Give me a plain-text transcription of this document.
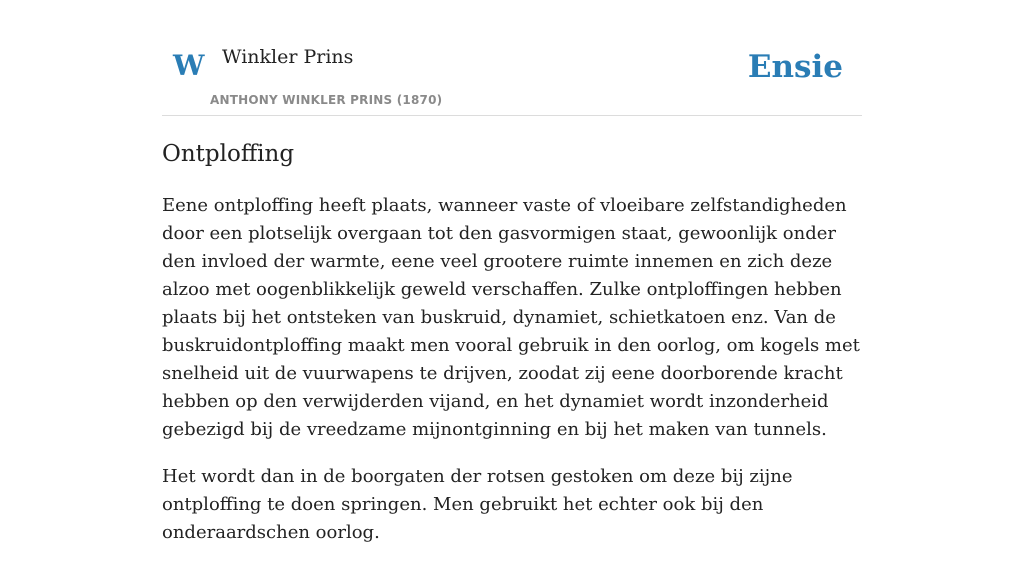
W Winkler Prins
ANTHONY WINKLER PRINS (1870)
Ensie
Ontploffing

Eene ontploffing heeft plaats, wanneer vaste of vloeibare zelfstandigheden door een plotselijk overgaan tot den gasvormigen staat, gewoonlijk onder den invloed der warmte, eene veel grootere ruimte innemen en zich deze alzoo met oogenblikkelijk geweld verschaffen. Zulke ontploffingen hebben plaats bij het ontsteken van buskruid, dynamiet, schietkatoen enz. Van de buskruidontploffing maakt men vooral gebruik in den oorlog, om kogels met snelheid uit de vuurwapens te drijven, zoodat zij eene doorborende kracht hebben op den verwijderden vijand, en het dynamiet wordt inzonderheid gebezigd bij de vreedzame mijnontginning en bij het maken van tunnels.

Het wordt dan in de boorgaten der rotsen gestoken om deze bij zijne ontploffing te doen springen. Men gebruikt het echter ook bij den onderaardschen oorlog.
